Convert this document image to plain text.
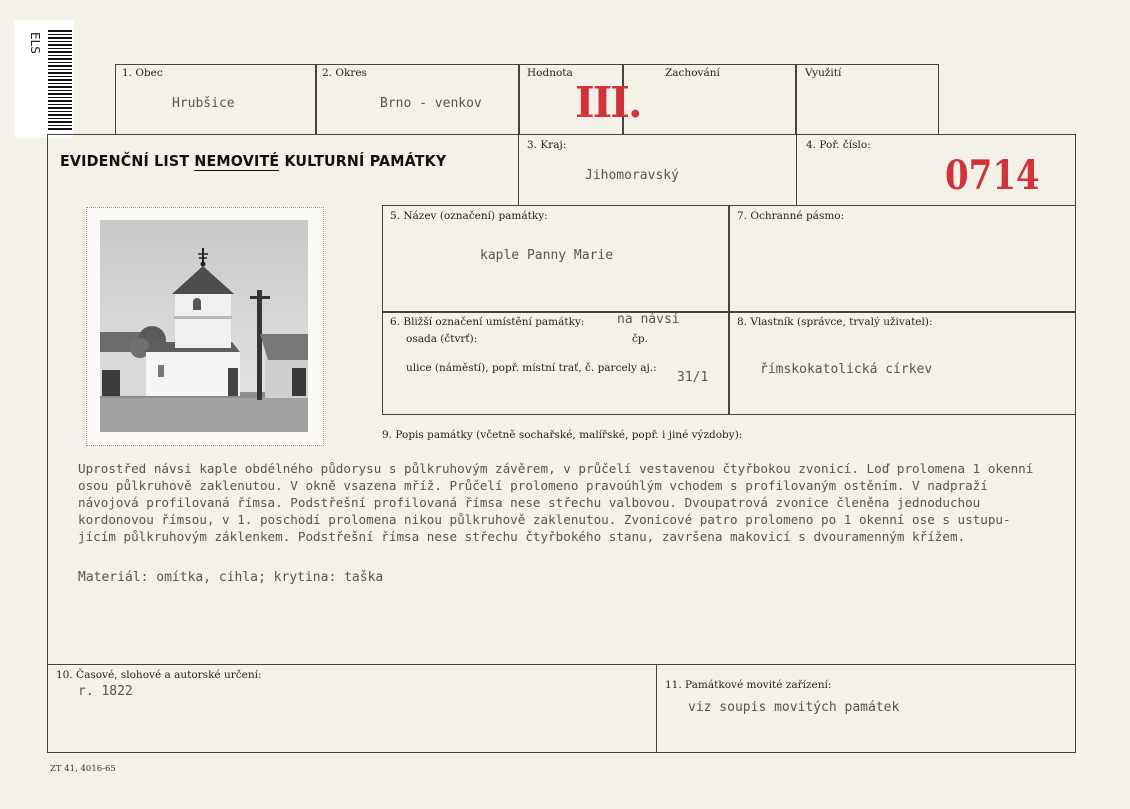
ELS
1. Obec
Hrubšice
2. Okres
Brno - venkov
Hodnota
III.
Zachování	Využití
EVIDENČNÍ LIST NEMOVITÉ KULTURNÍ PAMÁTKY
3. Kraj:
Jihomoravský
4. Poř. číslo:
0714
5. Název (označení) památky:
kaple Panny Marie
7. Ochranné pásmo:
6. Bližší označení umístění památky:	na návsi
osada (čtvrť):	čp.
ulice (náměstí), popř. místní trať, č. parcely aj.:
31/1
8. Vlastník (správce, trvalý uživatel):
římskokatolická církev
9. Popis památky (včetně sochařské, malířské, popř. i jiné výzdoby):

Uprostřed návsi kaple obdélného půdorysu s půlkruhovým závěrem, v průčelí vestavenou čtyřbokou zvonicí. Loď prolomena 1 okenní

osou půlkruhově zaklenutou. V okně vsazena mříž. Průčelí prolomeno pravoúhlým vchodem s profilovaným ostěním. V nadpraží

návojová profilovaná římsa. Podstřešní profilovaná římsa nese střechu valbovou. Dvoupatrová zvonice členěna jednoduchou

kordonovou římsou, v 1. poschodí prolomena nikou půlkruhově zaklenutou. Zvonicové patro prolomeno po 1 okenní ose s ustupu-

jícím půlkruhovým záklenkem. Podstřešní římsa nese střechu čtyřbokého stanu, završena makovicí s dvouramenným křížem.

Materiál: omítka, cihla; krytina: taška
10. Časové, slohové a autorské určení:
r. 1822	11. Památkové movité zařízení:
viz soupis movitých památek
ZT 41, 4016-65
